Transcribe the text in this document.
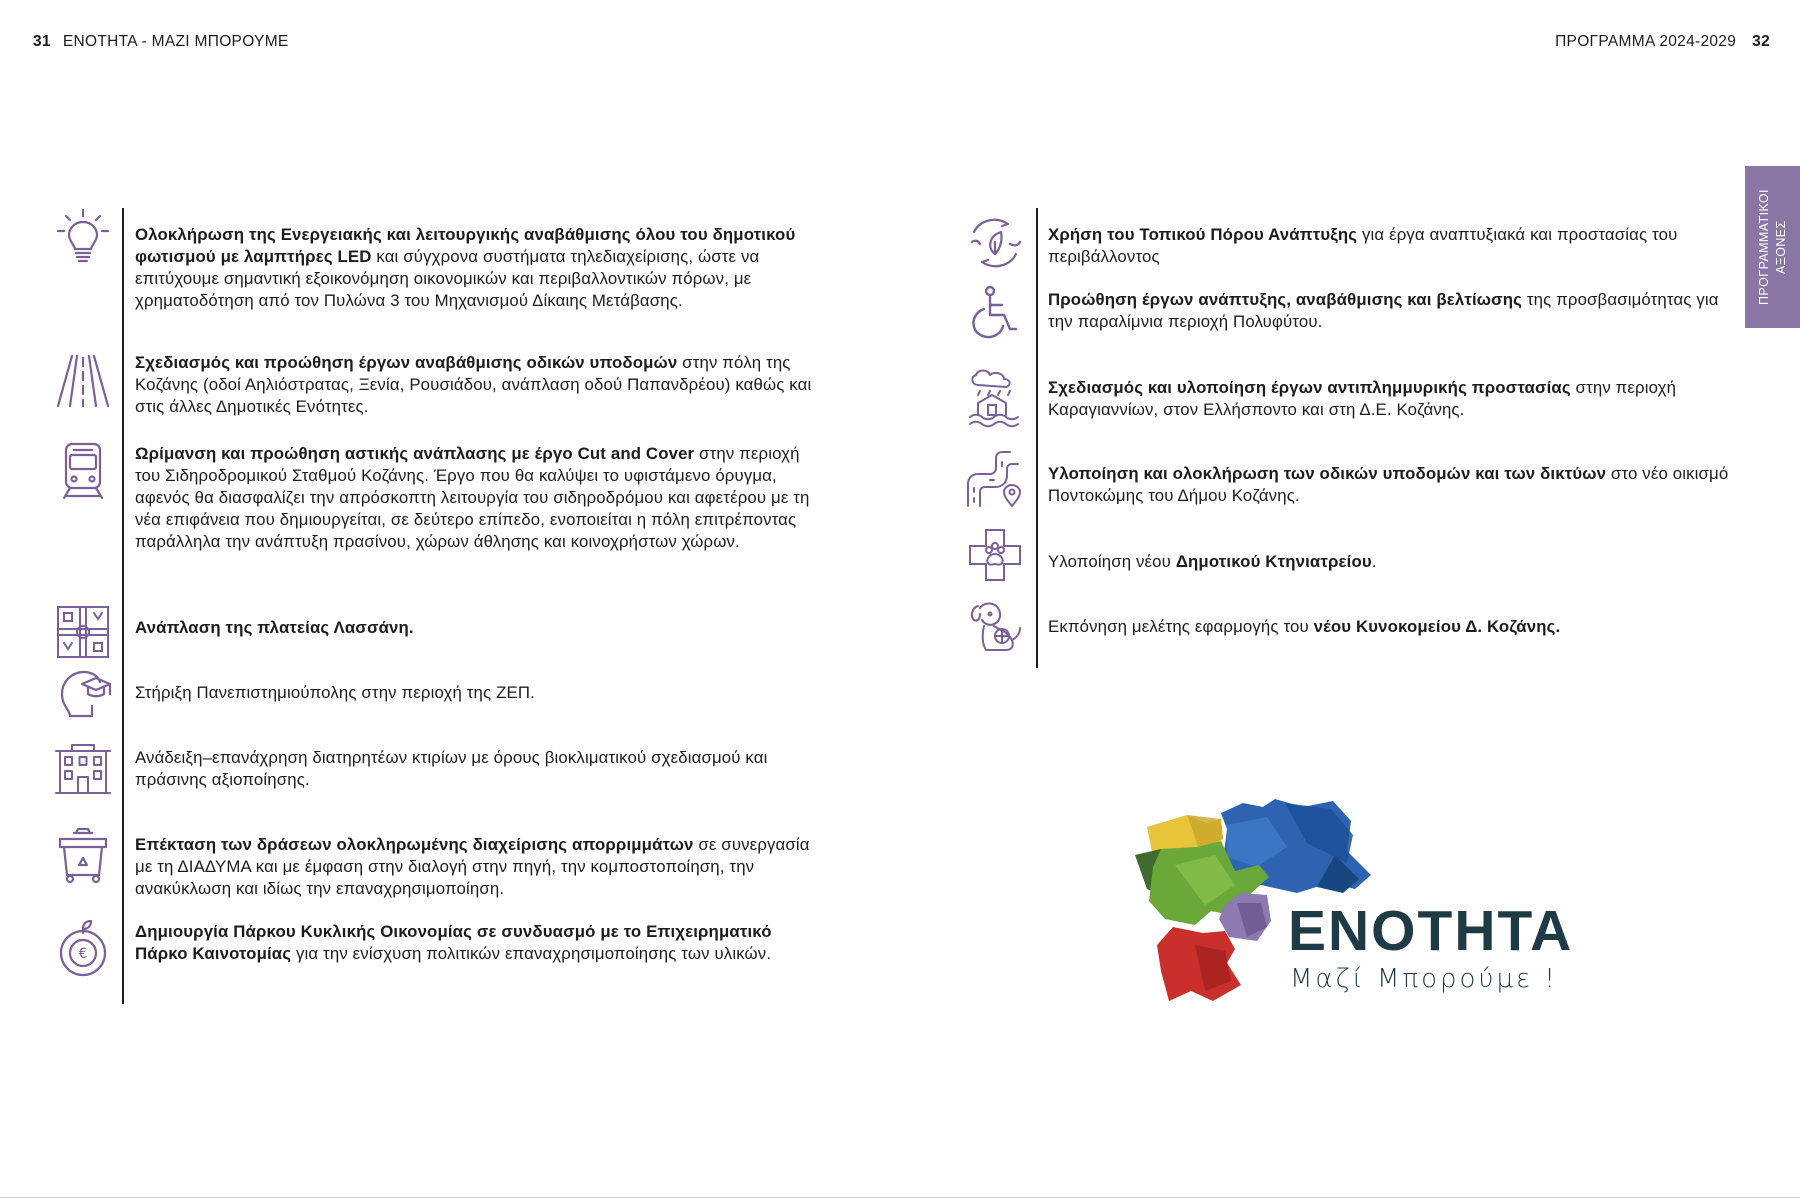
31 ΕΝΟΤΗΤΑ - ΜΑΖΙ ΜΠΟΡΟΥΜΕ	ΠΡΟΓΡΑΜΜΑ 2024-2029 32
ΠΡΟΓΡΑΜΜΑΤΙΚΟΙ ΑΞΟΝΕΣ
Ολοκλήρωση της Ενεργειακής και λειτουργικής αναβάθμισης όλου του δημοτικού φωτισμού με λαμπτήρες LED και σύγχρονα συστήματα τηλεδιαχείρισης, ώστε να επιτύχουμε σημαντική εξοικονόμηση οικονομικών και περιβαλλοντικών πόρων, με χρηματοδότηση από τον Πυλώνα 3 του Μηχανισμού Δίκαιης Μετάβασης.
Σχεδιασμός και προώθηση έργων αναβάθμισης οδικών υποδομών στην πόλη της Κοζάνης (οδοί Αηλιόστρατας, Ξενία, Ρουσιάδου, ανάπλαση οδού Παπανδρέου) καθώς και στις άλλες Δημοτικές Ενότητες.
Ωρίμανση και προώθηση αστικής ανάπλασης με έργο Cut and Cover στην περιοχή του Σιδηροδρομικού Σταθμού Κοζάνης. Έργο που θα καλύψει το υφιστάμενο όρυγμα, αφενός θα διασφαλίζει την απρόσκοπτη λειτουργία του σιδηροδρόμου και αφετέρου με τη νέα επιφάνεια που δημιουργείται, σε δεύτερο επίπεδο, ενοποιείται η πόλη επιτρέποντας παράλληλα την ανάπτυξη πρασίνου, χώρων άθλησης και κοινοχρήστων χώρων.
Ανάπλαση της πλατείας Λασσάνη.
Στήριξη Πανεπιστημιούπολης στην περιοχή της ΖΕΠ.
Ανάδειξη–επανάχρηση διατηρητέων κτιρίων με όρους βιοκλιματικού σχεδιασμού και πράσινης αξιοποίησης.
Επέκταση των δράσεων ολοκληρωμένης διαχείρισης απορριμμάτων σε συνεργασία με τη ΔΙΑΔΥΜΑ και με έμφαση στην διαλογή στην πηγή, την κομποστοποίηση, την ανακύκλωση και ιδίως την επαναχρησιμοποίηση.
€
Δημιουργία Πάρκου Κυκλικής Οικονομίας σε συνδυασμό με το Επιχειρηματικό Πάρκο Καινοτομίας για την ενίσχυση πολιτικών επαναχρησιμοποίησης των υλικών.
Χρήση του Τοπικού Πόρου Ανάπτυξης για έργα αναπτυξιακά και προστασίας του περιβάλλοντος
Προώθηση έργων ανάπτυξης, αναβάθμισης και βελτίωσης της προσβασιμότητας για την παραλίμνια περιοχή Πολυφύτου.
Σχεδιασμός και υλοποίηση έργων αντιπλημμυρικής προστασίας στην περιοχή Καραγιαννίων, στον Ελλήσποντο και στη Δ.Ε. Κοζάνης.
Υλοποίηση και ολοκλήρωση των οδικών υποδομών και των δικτύων στο νέο οικισμό Ποντοκώμης του Δήμου Κοζάνης.
Υλοποίηση νέου Δημοτικού Κτηνιατρείου.
Εκπόνηση μελέτης εφαρμογής του νέου Κυνοκομείου Δ. Κοζάνης.
ΕΝΟΤΗΤΑ
Μαζί Μπορούμε !
